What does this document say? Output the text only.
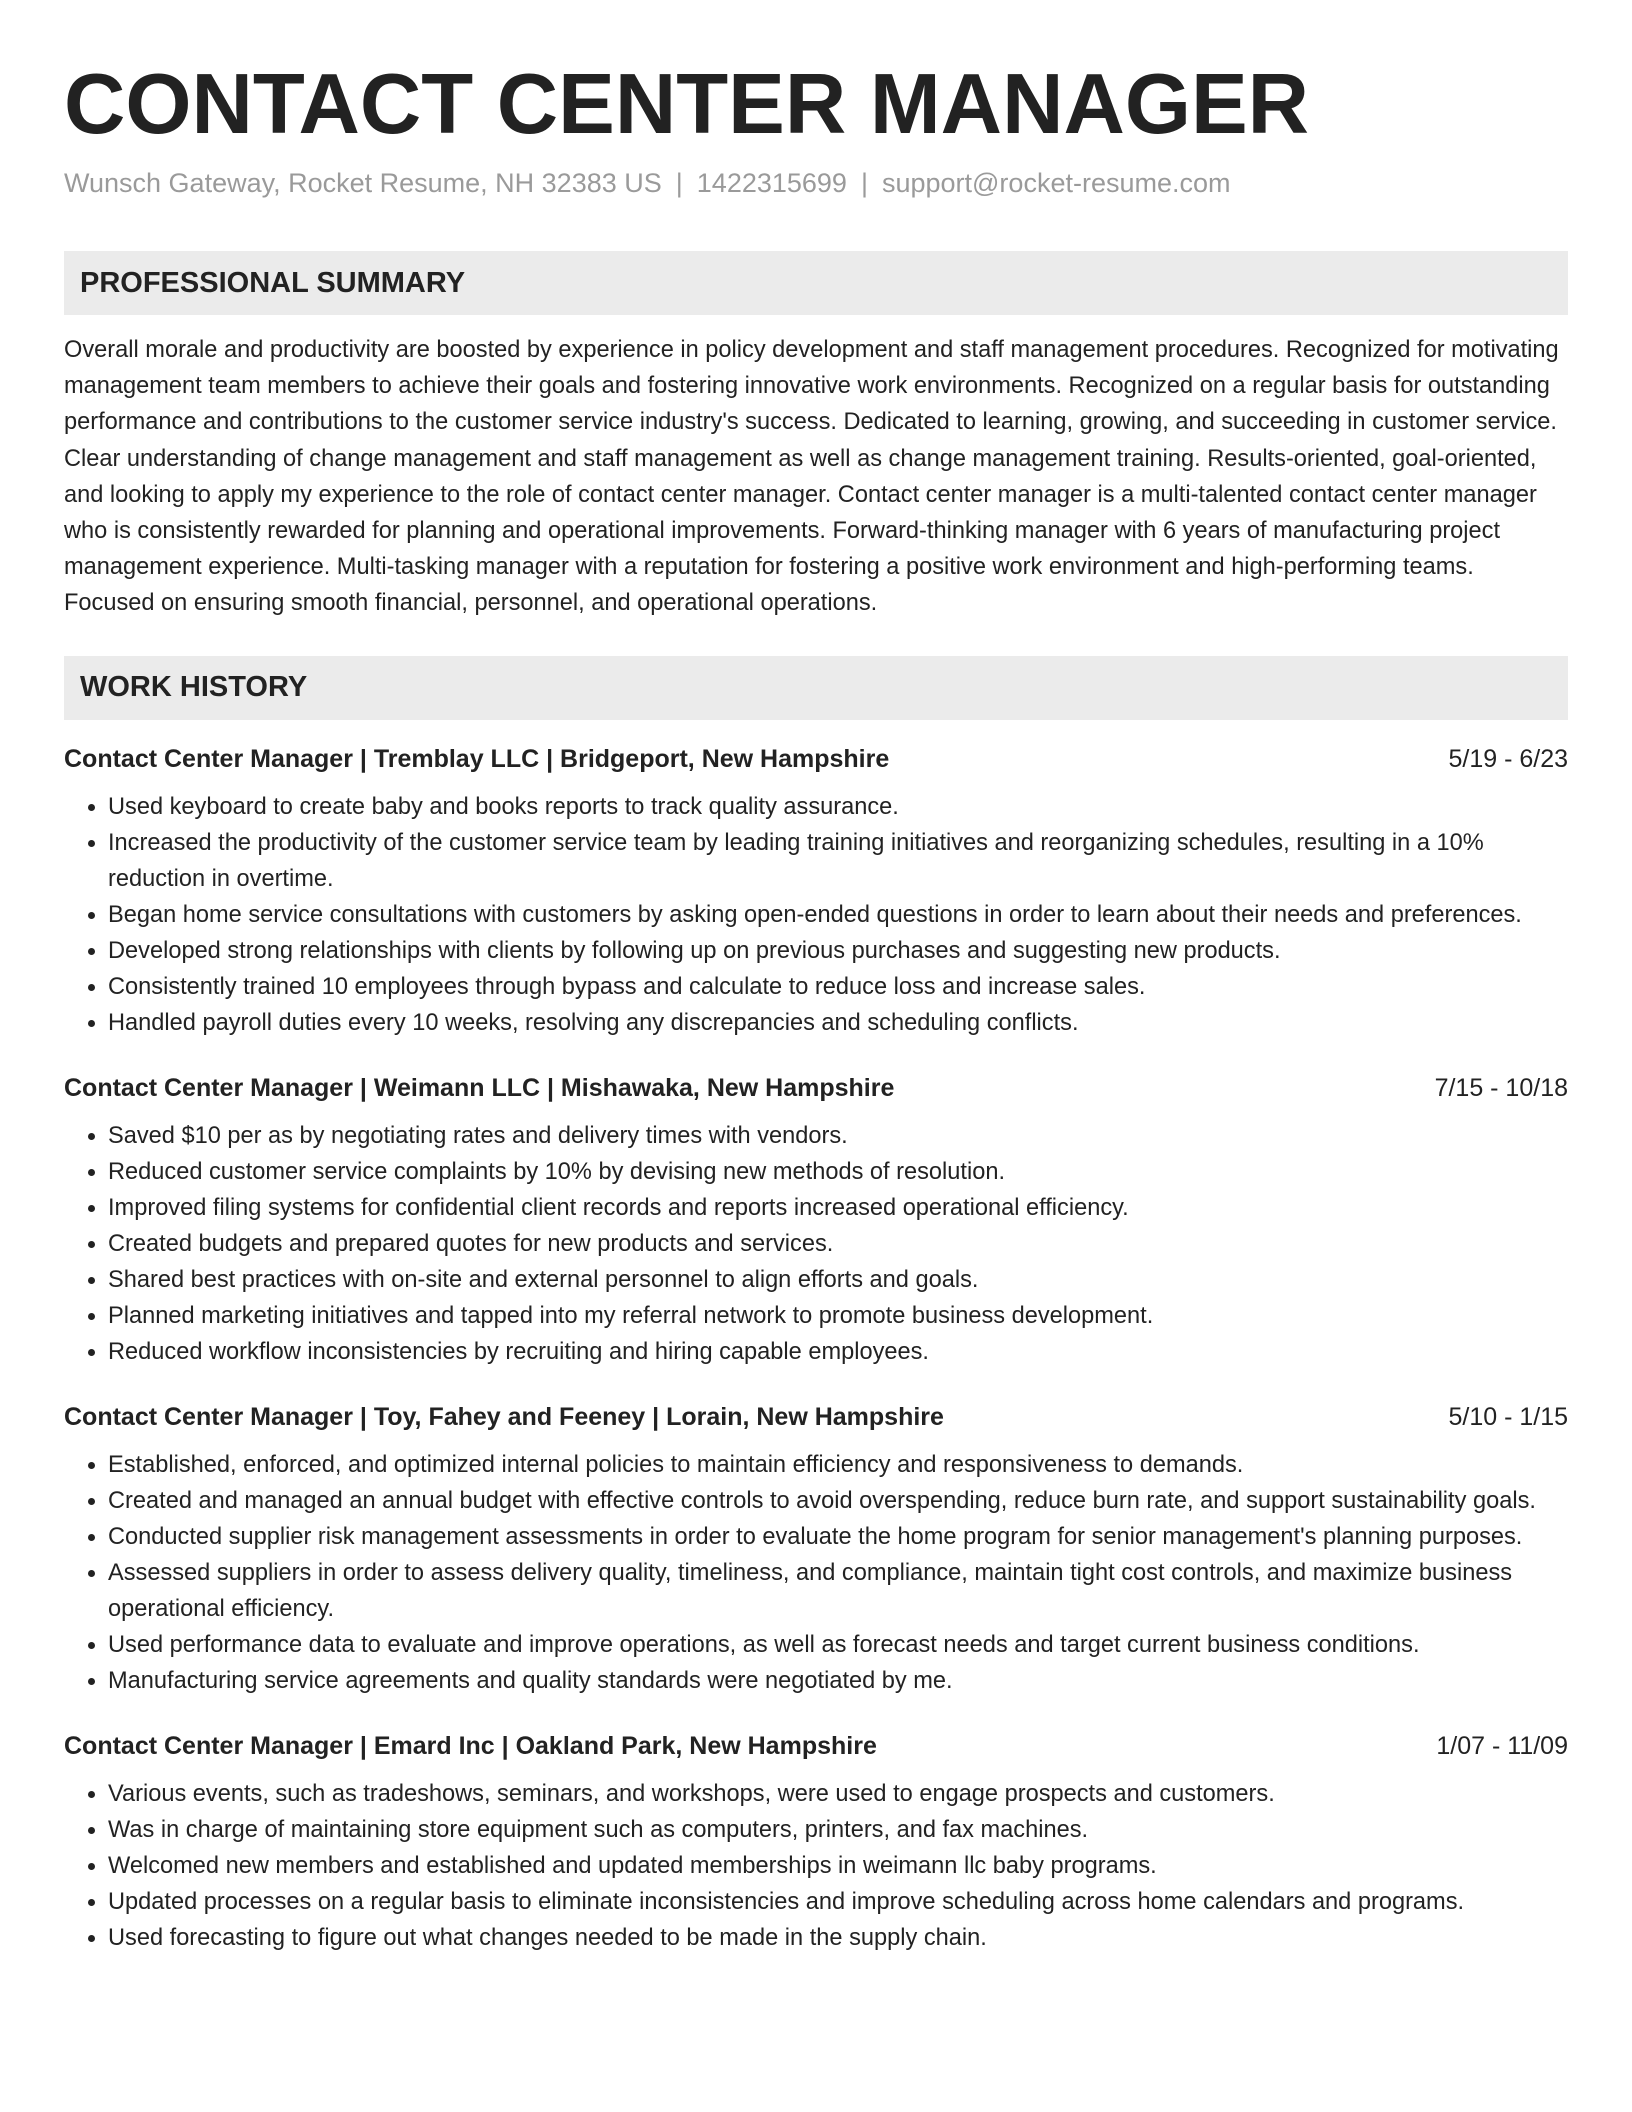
CONTACT CENTER MANAGER
Wunsch Gateway, Rocket Resume, NH 32383 US | 1422315699 | support@rocket-resume.com
PROFESSIONAL SUMMARY
Overall morale and productivity are boosted by experience in policy development and staff management procedures. Recognized for motivating management team members to achieve their goals and fostering innovative work environments. Recognized on a regular basis for outstanding performance and contributions to the customer service industry's success. Dedicated to learning, growing, and succeeding in customer service. Clear understanding of change management and staff management as well as change management training. Results-oriented, goal-oriented, and looking to apply my experience to the role of contact center manager. Contact center manager is a multi-talented contact center manager who is consistently rewarded for planning and operational improvements. Forward-thinking manager with 6 years of manufacturing project management experience. Multi-tasking manager with a reputation for fostering a positive work environment and high-performing teams. Focused on ensuring smooth financial, personnel, and operational operations.
WORK HISTORY
Contact Center Manager | Tremblay LLC | Bridgeport, New Hampshire	5/19 - 6/23
• Used keyboard to create baby and books reports to track quality assurance.
• Increased the productivity of the customer service team by leading training initiatives and reorganizing schedules, resulting in a 10% reduction in overtime.
• Began home service consultations with customers by asking open-ended questions in order to learn about their needs and preferences.
• Developed strong relationships with clients by following up on previous purchases and suggesting new products.
• Consistently trained 10 employees through bypass and calculate to reduce loss and increase sales.
• Handled payroll duties every 10 weeks, resolving any discrepancies and scheduling conflicts.
Contact Center Manager | Weimann LLC | Mishawaka, New Hampshire	7/15 - 10/18
• Saved $10 per as by negotiating rates and delivery times with vendors.
• Reduced customer service complaints by 10% by devising new methods of resolution.
• Improved filing systems for confidential client records and reports increased operational efficiency.
• Created budgets and prepared quotes for new products and services.
• Shared best practices with on-site and external personnel to align efforts and goals.
• Planned marketing initiatives and tapped into my referral network to promote business development.
• Reduced workflow inconsistencies by recruiting and hiring capable employees.
Contact Center Manager | Toy, Fahey and Feeney | Lorain, New Hampshire	5/10 - 1/15
• Established, enforced, and optimized internal policies to maintain efficiency and responsiveness to demands.
• Created and managed an annual budget with effective controls to avoid overspending, reduce burn rate, and support sustainability goals.
• Conducted supplier risk management assessments in order to evaluate the home program for senior management's planning purposes.
• Assessed suppliers in order to assess delivery quality, timeliness, and compliance, maintain tight cost controls, and maximize business operational efficiency.
• Used performance data to evaluate and improve operations, as well as forecast needs and target current business conditions.
• Manufacturing service agreements and quality standards were negotiated by me.
Contact Center Manager | Emard Inc | Oakland Park, New Hampshire	1/07 - 11/09
• Various events, such as tradeshows, seminars, and workshops, were used to engage prospects and customers.
• Was in charge of maintaining store equipment such as computers, printers, and fax machines.
• Welcomed new members and established and updated memberships in weimann llc baby programs.
• Updated processes on a regular basis to eliminate inconsistencies and improve scheduling across home calendars and programs.
• Used forecasting to figure out what changes needed to be made in the supply chain.
